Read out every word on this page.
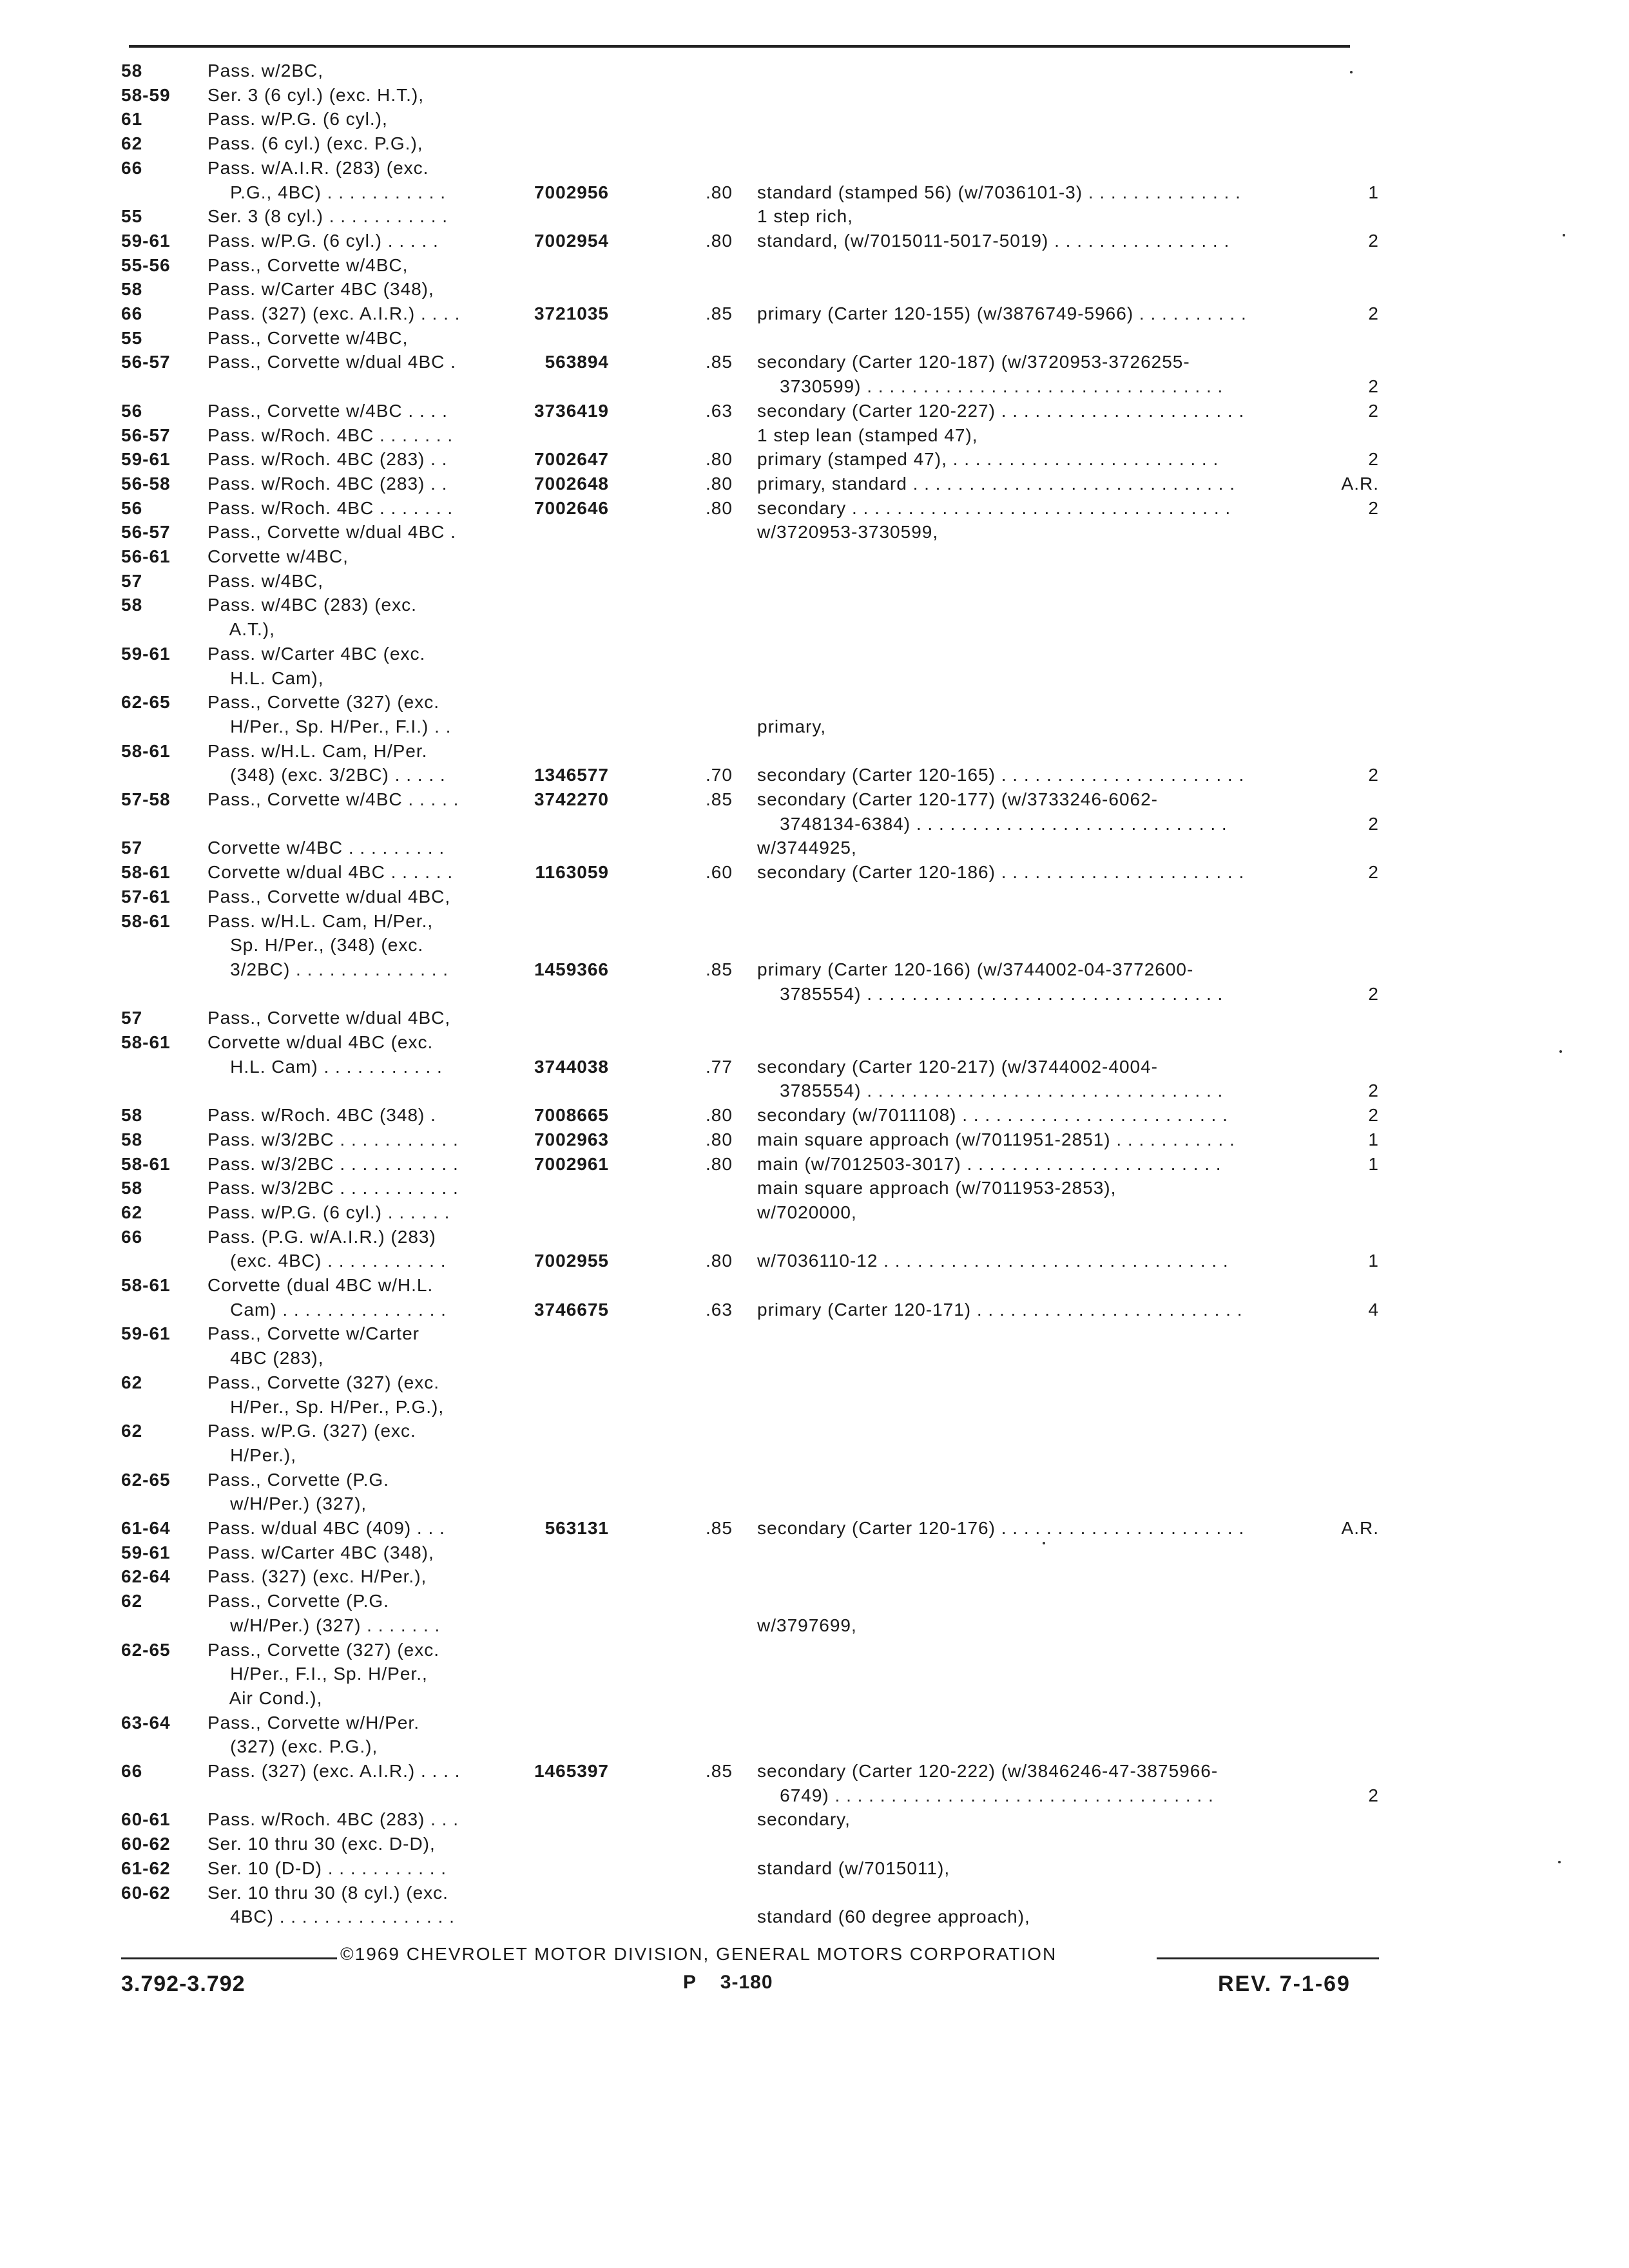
58	Pass. w/2BC,
58-59 Ser. 3 (6 cyl.) (exc. H.T.),
61	Pass. w/P.G. (6 cyl.),
62	Pass. (6 cyl.) (exc. P.G.),
66	Pass. w/A.I.R. (283) (exc.
P.G., 4BC) . . . . . . . . . . .	7002956	.80 standard (stamped 56) (w/7036101-3) . . . . . . . . . . . . . .	1
55	Ser. 3 (8 cyl.) . . . . . . . . . . .	1 step rich,
59-61 Pass. w/P.G. (6 cyl.) . . . . .	7002954	.80 standard, (w/7015011-5017-5019) . . . . . . . . . . . . . . . .	2
55-56 Pass., Corvette w/4BC,
58	Pass. w/Carter 4BC (348),
66	Pass. (327) (exc. A.I.R.) . . . .	3721035	.85 primary (Carter 120-155) (w/3876749-5966) . . . . . . . . . .	2
55	Pass., Corvette w/4BC,
56-57 Pass., Corvette w/dual 4BC .	563894	.85 secondary (Carter 120-187) (w/3720953-3726255-
3730599) . . . . . . . . . . . . . . . . . . . . . . . . . . . . . . . .	2
56	Pass., Corvette w/4BC . . . .	3736419	.63 secondary (Carter 120-227) . . . . . . . . . . . . . . . . . . . . . .	2
56-57 Pass. w/Roch. 4BC . . . . . . .	1 step lean (stamped 47),
59-61 Pass. w/Roch. 4BC (283) . .	7002647	.80 primary (stamped 47), . . . . . . . . . . . . . . . . . . . . . . . .	2
56-58 Pass. w/Roch. 4BC (283) . .	7002648	.80 primary, standard . . . . . . . . . . . . . . . . . . . . . . . . . . . . .	A.R.
56	Pass. w/Roch. 4BC . . . . . . .	7002646	.80 secondary . . . . . . . . . . . . . . . . . . . . . . . . . . . . . . . . . .	2
56-57 Pass., Corvette w/dual 4BC .	w/3720953-3730599,
56-61 Corvette w/4BC,
57	Pass. w/4BC,
58	Pass. w/4BC (283) (exc.
A.T.),
59-61 Pass. w/Carter 4BC (exc.
H.L. Cam),
62-65 Pass., Corvette (327) (exc.
H/Per., Sp. H/Per., F.I.) . .	primary,
58-61 Pass. w/H.L. Cam, H/Per.
(348) (exc. 3/2BC) . . . . .	1346577	.70 secondary (Carter 120-165) . . . . . . . . . . . . . . . . . . . . . .	2
57-58 Pass., Corvette w/4BC . . . . .	3742270	.85 secondary (Carter 120-177) (w/3733246-6062-
3748134-6384) . . . . . . . . . . . . . . . . . . . . . . . . . . . .	2
57	Corvette w/4BC . . . . . . . . .	w/3744925,
58-61 Corvette w/dual 4BC . . . . . .	1163059	.60 secondary (Carter 120-186) . . . . . . . . . . . . . . . . . . . . . .	2
57-61 Pass., Corvette w/dual 4BC,
58-61 Pass. w/H.L. Cam, H/Per.,
Sp. H/Per., (348) (exc.
3/2BC) . . . . . . . . . . . . . .	1459366	.85 primary (Carter 120-166) (w/3744002-04-3772600-
3785554) . . . . . . . . . . . . . . . . . . . . . . . . . . . . . . . .	2
57	Pass., Corvette w/dual 4BC,
58-61 Corvette w/dual 4BC (exc.
H.L. Cam) . . . . . . . . . . .	3744038	.77 secondary (Carter 120-217) (w/3744002-4004-
3785554) . . . . . . . . . . . . . . . . . . . . . . . . . . . . . . . .	2
58	Pass. w/Roch. 4BC (348) .	7008665	.80 secondary (w/7011108) . . . . . . . . . . . . . . . . . . . . . . . .	2
58	Pass. w/3/2BC . . . . . . . . . . .	7002963	.80 main square approach (w/7011951-2851) . . . . . . . . . . .	1
58-61 Pass. w/3/2BC . . . . . . . . . . .	7002961	.80 main (w/7012503-3017) . . . . . . . . . . . . . . . . . . . . . . .	1
58	Pass. w/3/2BC . . . . . . . . . . .	main square approach (w/7011953-2853),
62	Pass. w/P.G. (6 cyl.) . . . . . .	w/7020000,
66	Pass. (P.G. w/A.I.R.) (283)
(exc. 4BC) . . . . . . . . . . .	7002955	.80 w/7036110-12 . . . . . . . . . . . . . . . . . . . . . . . . . . . . . . .	1
58-61 Corvette (dual 4BC w/H.L.
Cam) . . . . . . . . . . . . . . .	3746675	.63 primary (Carter 120-171) . . . . . . . . . . . . . . . . . . . . . . . .	4
59-61 Pass., Corvette w/Carter
4BC (283),
62	Pass., Corvette (327) (exc.
H/Per., Sp. H/Per., P.G.),
62	Pass. w/P.G. (327) (exc.
H/Per.),
62-65 Pass., Corvette (P.G.
w/H/Per.) (327),
61-64 Pass. w/dual 4BC (409) . . .	563131	.85 secondary (Carter 120-176) . . . . . . . . . . . . . . . . . . . . . .	A.R.
59-61 Pass. w/Carter 4BC (348),
62-64 Pass. (327) (exc. H/Per.),
62	Pass., Corvette (P.G.
w/H/Per.) (327) . . . . . . .	w/3797699,
62-65 Pass., Corvette (327) (exc.
H/Per., F.I., Sp. H/Per.,
Air Cond.),
63-64 Pass., Corvette w/H/Per.
(327) (exc. P.G.),
66	Pass. (327) (exc. A.I.R.) . . . .	1465397	.85 secondary (Carter 120-222) (w/3846246-47-3875966-
6749) . . . . . . . . . . . . . . . . . . . . . . . . . . . . . . . . . .	2
60-61 Pass. w/Roch. 4BC (283) . . .	secondary,
60-62 Ser. 10 thru 30 (exc. D-D),
61-62 Ser. 10 (D-D) . . . . . . . . . . .	standard (w/7015011),
60-62 Ser. 10 thru 30 (8 cyl.) (exc.
4BC) . . . . . . . . . . . . . . . .	standard (60 degree approach),
©1969 CHEVROLET MOTOR DIVISION, GENERAL MOTORS CORPORATION
3.792-3.792	P    3-180	REV. 7-1-69
